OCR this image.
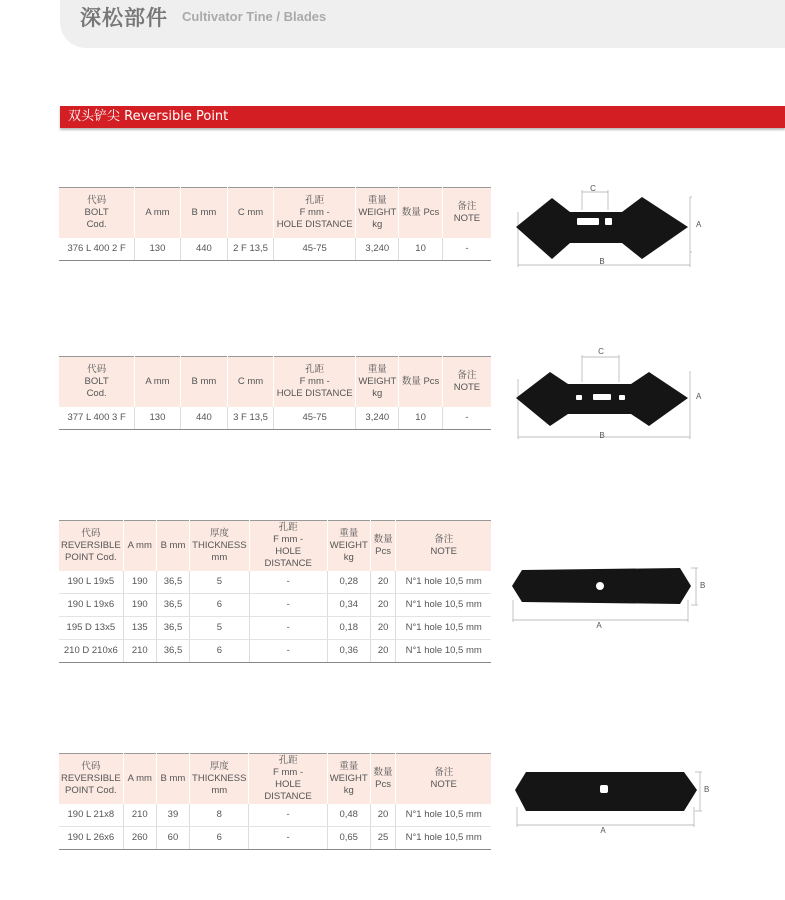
深松部件 Cultivator Tine / Blades
双头铲尖 Reversible Point
代码
BOLT
Cod.	A mm	B mm	C mm	孔距
F mm -
HOLE DISTANCE	重量
WEIGHT
kg	数量 Pcs	备注
NOTE
376 L 400 2 F	130	440	2 F 13,5	45-75	3,240	10	-
代码
BOLT
Cod.	A mm	B mm	C mm	孔距
F mm -
HOLE DISTANCE	重量
WEIGHT
kg	数量 Pcs	备注
NOTE
377 L 400 3 F	130	440	3 F 13,5	45-75	3,240	10	-
代码
REVERSIBLE
POINT Cod.	A mm	B mm	厚度
THICKNESS
mm	孔距
F mm -
HOLE DISTANCE	重量
WEIGHT
kg	数量
Pcs	备注
NOTE
190 L 19x5	190	36,5	5	-	0,28	20	N°1 hole 10,5 mm
190 L 19x6	190	36,5	6	-	0,34	20	N°1 hole 10,5 mm
195 D 13x5	135	36,5	5	-	0,18	20	N°1 hole 10,5 mm
210 D 210x6	210	36,5	6	-	0,36	20	N°1 hole 10,5 mm
代码
REVERSIBLE
POINT Cod.	A mm	B mm	厚度
THICKNESS
mm	孔距
F mm -
HOLE DISTANCE	重量
WEIGHT
kg	数量
Pcs	备注
NOTE
190 L 21x8	210	39	8	-	0,48	20	N°1 hole 10,5 mm
190 L 26x6	260	60	6	-	0,65	25	N°1 hole 10,5 mm
C
A
B
C
A
B
B
A
B
A
